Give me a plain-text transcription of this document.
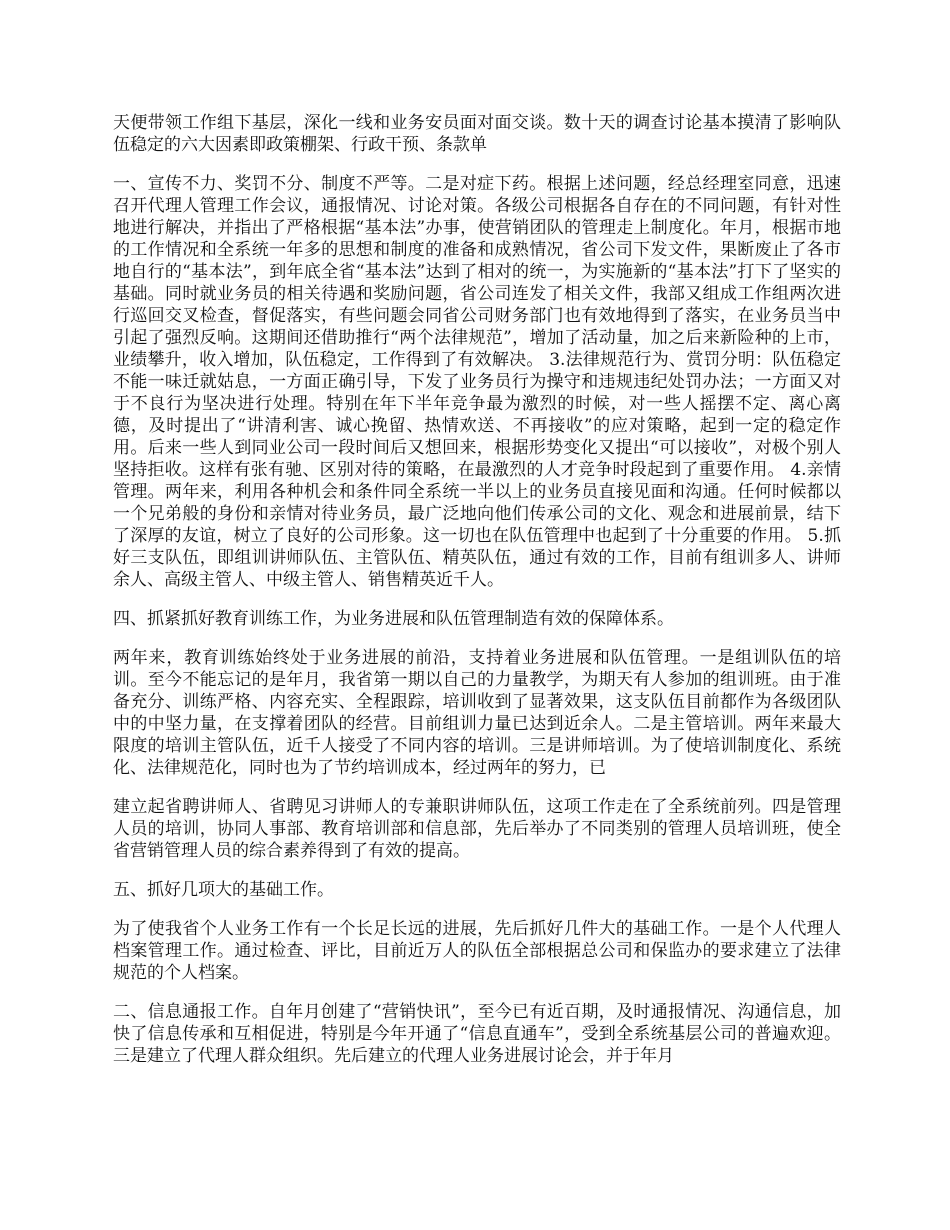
天便带领工作组下基层，深化一线和业务安员面对面交谈。数十天的调查讨论基本摸清了影响队伍稳定的六大因素即政策棚架、行政干预、条款单

一、宣传不力、奖罚不分、制度不严等。二是对症下药。根据上述问题，经总经理室同意，迅速召开代理人管理工作会议，通报情况、讨论对策。各级公司根据各自存在的不同问题，有针对性地进行解决，并指出了严格根据“基本法”办事，使营销团队的管理走上制度化。年月，根据市地的工作情况和全系统一年多的思想和制度的准备和成熟情况，省公司下发文件，果断废止了各市地自行的“基本法”，到年底全省“基本法”达到了相对的统一，为实施新的“基本法”打下了坚实的基础。同时就业务员的相关待遇和奖励问题，省公司连发了相关文件，我部又组成工作组两次进行巡回交叉检查，督促落实，有些问题会同省公司财务部门也有效地得到了落实，在业务员当中引起了强烈反响。这期间还借助推行“两个法律规范”，增加了活动量，加之后来新险种的上市，业绩攀升，收入增加，队伍稳定，工作得到了有效解决。 3.法律规范行为、赏罚分明：队伍稳定不能一味迁就姑息，一方面正确引导，下发了业务员行为操守和违规违纪处罚办法；一方面又对于不良行为坚决进行处理。特别在年下半年竞争最为激烈的时候，对一些人摇摆不定、离心离德，及时提出了“讲清利害、诚心挽留、热情欢送、不再接收”的应对策略，起到一定的稳定作用。后来一些人到同业公司一段时间后又想回来，根据形势变化又提出“可以接收”，对极个别人坚持拒收。这样有张有驰、区别对待的策略，在最激烈的人才竞争时段起到了重要作用。 4.亲情管理。两年来，利用各种机会和条件同全系统一半以上的业务员直接见面和沟通。任何时候都以一个兄弟般的身份和亲情对待业务员，最广泛地向他们传承公司的文化、观念和进展前景，结下了深厚的友谊，树立了良好的公司形象。这一切也在队伍管理中也起到了十分重要的作用。 5.抓好三支队伍，即组训讲师队伍、主管队伍、精英队伍，通过有效的工作，目前有组训多人、讲师余人、高级主管人、中级主管人、销售精英近千人。

四、抓紧抓好教育训练工作，为业务进展和队伍管理制造有效的保障体系。

两年来，教育训练始终处于业务进展的前沿，支持着业务进展和队伍管理。一是组训队伍的培训。至今不能忘记的是年月，我省第一期以自己的力量教学，为期天有人参加的组训班。由于准备充分、训练严格、内容充实、全程跟踪，培训收到了显著效果，这支队伍目前都作为各级团队中的中坚力量，在支撑着团队的经营。目前组训力量已达到近余人。二是主管培训。两年来最大限度的培训主管队伍，近千人接受了不同内容的培训。三是讲师培训。为了使培训制度化、系统化、法律规范化，同时也为了节约培训成本，经过两年的努力，已

建立起省聘讲师人、省聘见习讲师人的专兼职讲师队伍，这项工作走在了全系统前列。四是管理人员的培训，协同人事部、教育培训部和信息部，先后举办了不同类别的管理人员培训班，使全省营销管理人员的综合素养得到了有效的提高。

五、抓好几项大的基础工作。

为了使我省个人业务工作有一个长足长远的进展，先后抓好几件大的基础工作。一是个人代理人档案管理工作。通过检查、评比，目前近万人的队伍全部根据总公司和保监办的要求建立了法律规范的个人档案。

二、信息通报工作。自年月创建了“营销快讯”，至今已有近百期，及时通报情况、沟通信息，加快了信息传承和互相促进，特别是今年开通了“信息直通车”，受到全系统基层公司的普遍欢迎。三是建立了代理人群众组织。先后建立的代理人业务进展讨论会，并于年月
